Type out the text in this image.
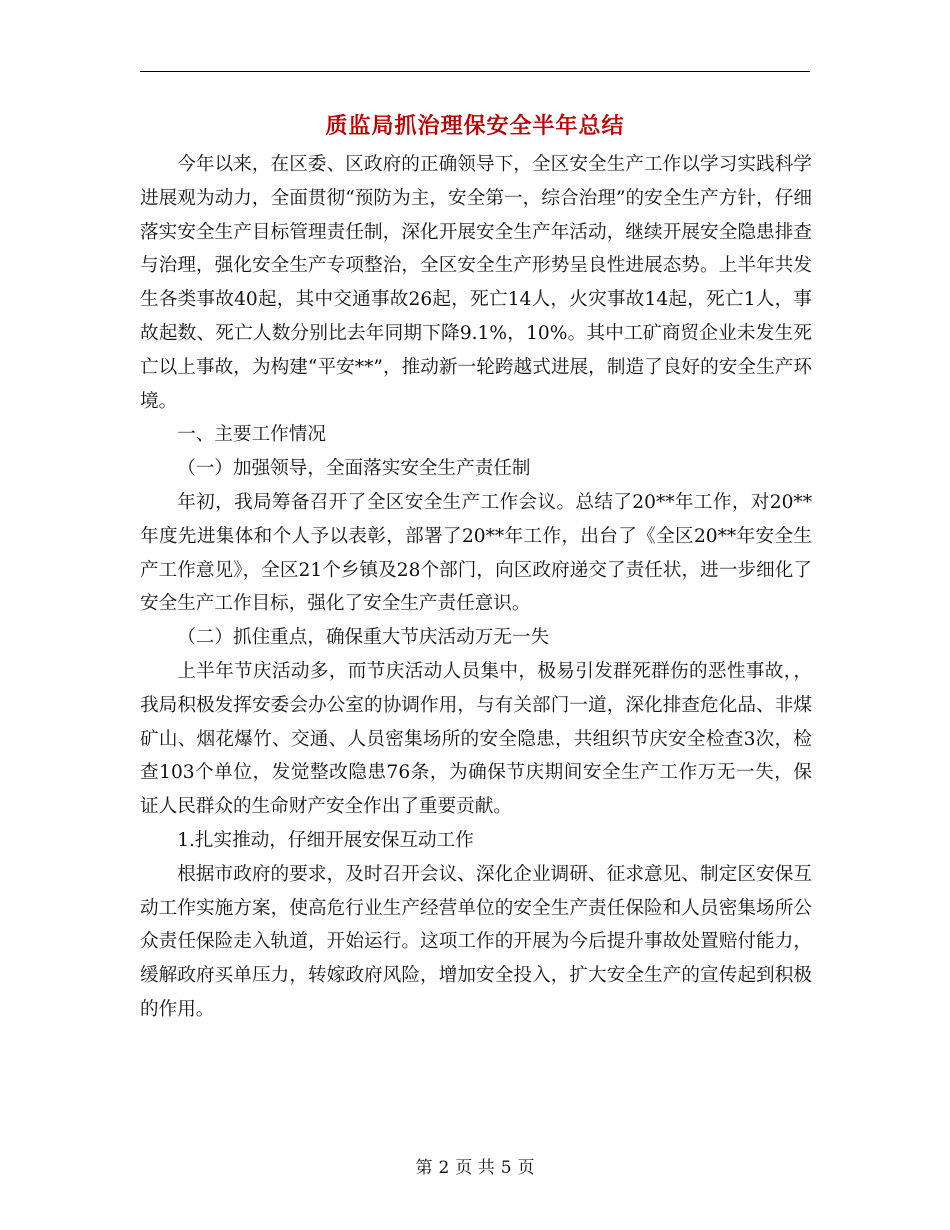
质监局抓治理保安全半年总结

今年以来，在区委、区政府的正确领导下，全区安全生产工作以学习实践科学进展观为动力，全面贯彻“预防为主，安全第一，综合治理”的安全生产方针，仔细落实安全生产目标管理责任制，深化开展安全生产年活动，继续开展安全隐患排查与治理，强化安全生产专项整治，全区安全生产形势呈良性进展态势。上半年共发生各类事故40起，其中交通事故26起，死亡14人，火灾事故14起，死亡1人，事故起数、死亡人数分别比去年同期下降9.1%，10%。其中工矿商贸企业未发生死亡以上事故，为构建“平安**”，推动新一轮跨越式进展，制造了良好的安全生产环境。

一、主要工作情况

（一）加强领导，全面落实安全生产责任制

年初，我局筹备召开了全区安全生产工作会议。总结了20**年工作，对20**年度先进集体和个人予以表彰，部署了20**年工作，出台了《全区20**年安全生产工作意见》，全区21个乡镇及28个部门，向区政府递交了责任状，进一步细化了安全生产工作目标，强化了安全生产责任意识。

（二）抓住重点，确保重大节庆活动万无一失

上半年节庆活动多，而节庆活动人员集中，极易引发群死群伤的恶性事故，，我局积极发挥安委会办公室的协调作用，与有关部门一道，深化排查危化品、非煤矿山、烟花爆竹、交通、人员密集场所的安全隐患，共组织节庆安全检查3次，检查103个单位，发觉整改隐患76条，为确保节庆期间安全生产工作万无一失，保证人民群众的生命财产安全作出了重要贡献。

1.扎实推动，仔细开展安保互动工作

根据市政府的要求，及时召开会议、深化企业调研、征求意见、制定区安保互动工作实施方案，使高危行业生产经营单位的安全生产责任保险和人员密集场所公众责任保险走入轨道，开始运行。这项工作的开展为今后提升事故处置赔付能力，缓解政府买单压力，转嫁政府风险，增加安全投入，扩大安全生产的宣传起到积极的作用。

第 2 页 共 5 页
